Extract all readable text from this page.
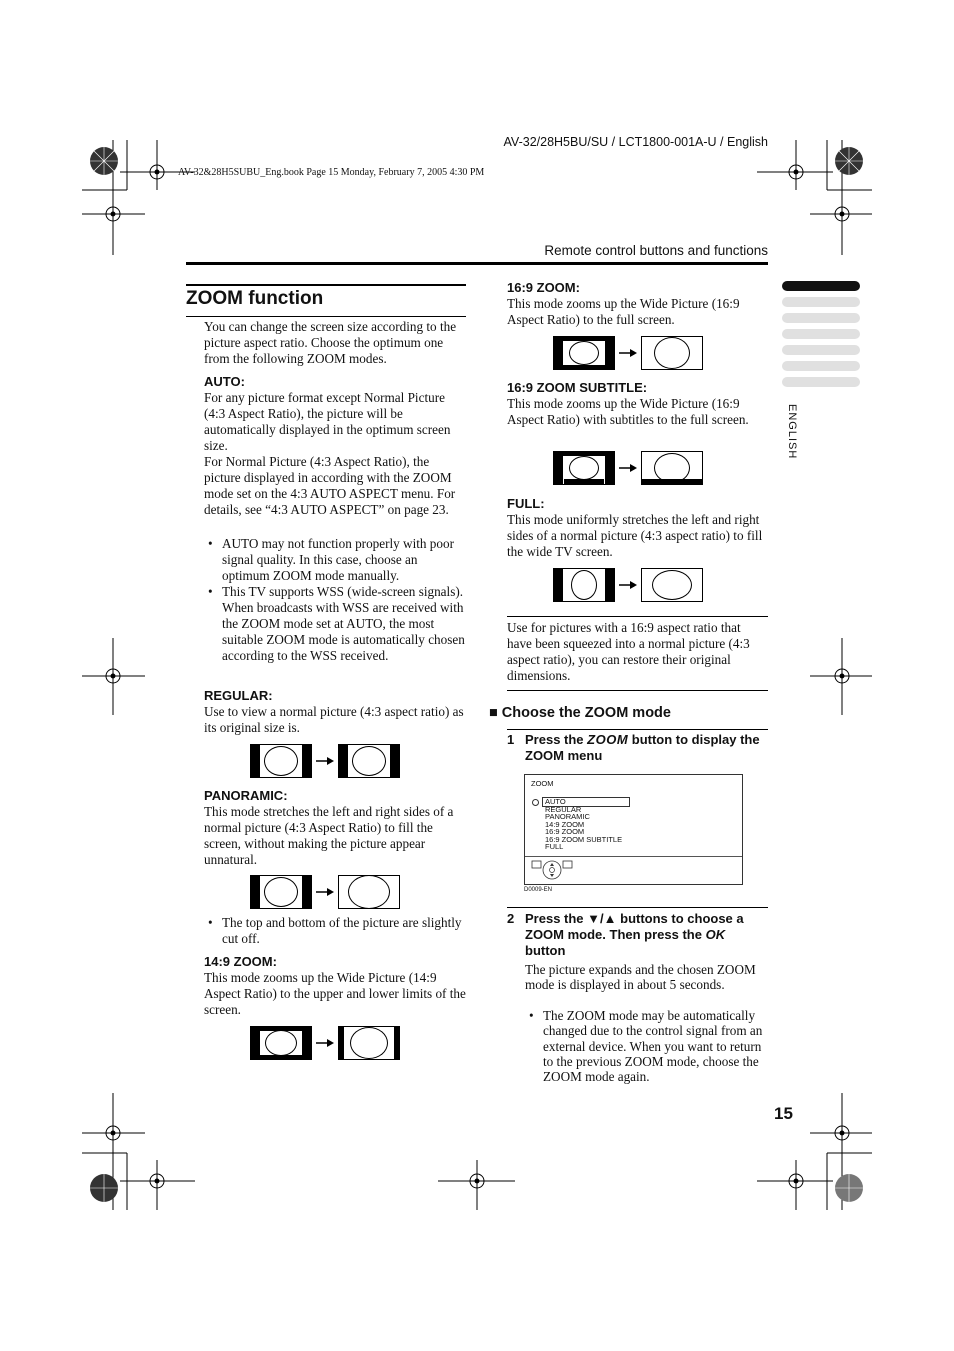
AV-32/28H5BU/SU / LCT1800-001A-U / English
AV-32&28H5SUBU_Eng.book Page 15 Monday, February 7, 2005 4:30 PM
Remote control buttons and functions
ENGLISH
ZOOM function
You can change the screen size according to the picture aspect ratio. Choose the optimum one from the following ZOOM modes.
AUTO:
For any picture format except Normal Picture (4:3 Aspect Ratio), the picture will be automatically displayed in the optimum screen size.
For Normal Picture (4:3 Aspect Ratio), the picture displayed in according with the ZOOM mode set on the 4:3 AUTO ASPECT menu. For details, see “4:3 AUTO ASPECT” on page 23.
• AUTO may not function properly with poor signal quality. In this case, choose an optimum ZOOM mode manually.
• This TV supports WSS (wide-screen signals). When broadcasts with WSS are received with the ZOOM mode set at AUTO, the most suitable ZOOM mode is automatically chosen according to the WSS received.
REGULAR:
Use to view a normal picture (4:3 aspect ratio) as its original size is.
PANORAMIC:
This mode stretches the left and right sides of a normal picture (4:3 Aspect Ratio) to fill the screen, without making the picture appear unnatural.
• The top and bottom of the picture are slightly cut off.
14:9 ZOOM:
This mode zooms up the Wide Picture (14:9 Aspect Ratio) to the upper and lower limits of the screen.
16:9 ZOOM:
This mode zooms up the Wide Picture (16:9 Aspect Ratio) to the full screen.
16:9 ZOOM SUBTITLE:
This mode zooms up the Wide Picture (16:9 Aspect Ratio) with subtitles to the full screen.
FULL:
This mode uniformly stretches the left and right sides of a normal picture (4:3 aspect ratio) to fill the wide TV screen.
Use for pictures with a 16:9 aspect ratio that have been squeezed into a normal picture (4:3 aspect ratio), you can restore their original dimensions.
■ Choose the ZOOM mode
1 Press the ZOOM button to display the ZOOM menu
ZOOM
AUTO
REGULAR
PANORAMIC
14:9 ZOOM
16:9 ZOOM
16:9 ZOOM SUBTITLE
FULL
D0009-EN
2 Press the ▼/▲ buttons to choose a ZOOM mode. Then press the OK button
The picture expands and the chosen ZOOM mode is displayed in about 5 seconds.
• The ZOOM mode may be automatically changed due to the control signal from an external device. When you want to return to the previous ZOOM mode, choose the ZOOM mode again.
15
